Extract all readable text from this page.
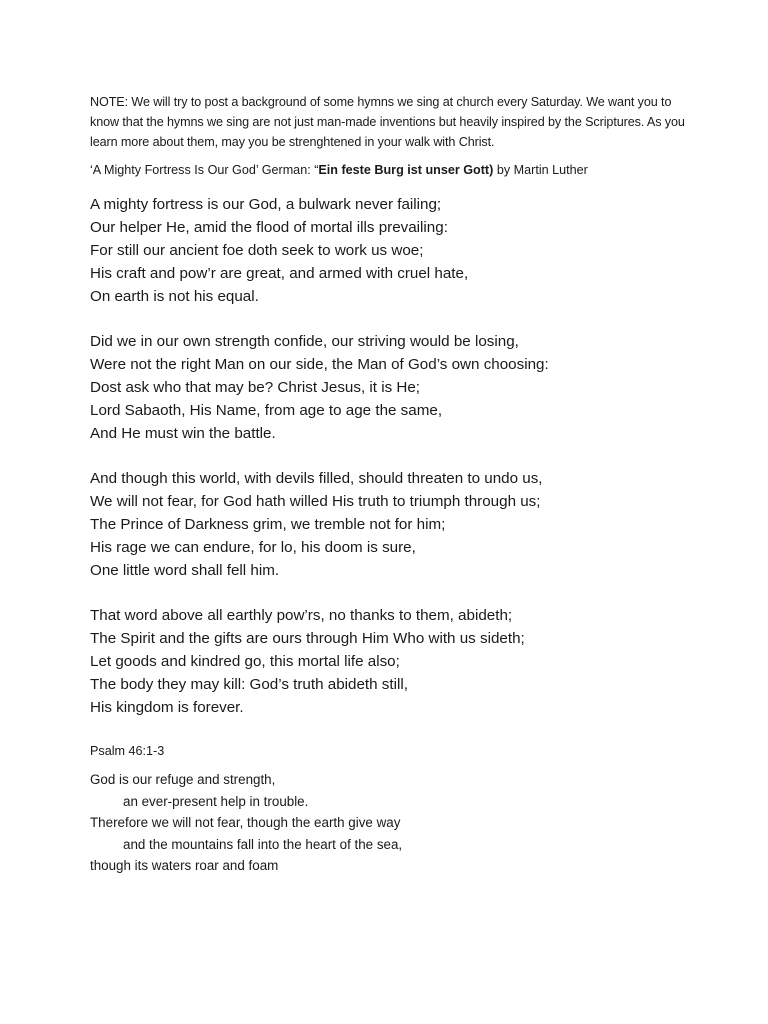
NOTE: We will try to post a background of some hymns we sing at church every Saturday. We want you to know that the hymns we sing are not just man-made inventions but heavily inspired by the Scriptures. As you learn more about them, may you be strenghtened in your walk with Christ.

‘A Mighty Fortress Is Our God’ German: “Ein feste Burg ist unser Gott) by Martin Luther

A mighty fortress is our God, a bulwark never failing;
Our helper He, amid the flood of mortal ills prevailing:
For still our ancient foe doth seek to work us woe;
His craft and pow’r are great, and armed with cruel hate,
On earth is not his equal.
Did we in our own strength confide, our striving would be losing,
Were not the right Man on our side, the Man of God’s own choosing:
Dost ask who that may be? Christ Jesus, it is He;
Lord Sabaoth, His Name, from age to age the same,
And He must win the battle.
And though this world, with devils filled, should threaten to undo us,
We will not fear, for God hath willed His truth to triumph through us;
The Prince of Darkness grim, we tremble not for him;
His rage we can endure, for lo, his doom is sure,
One little word shall fell him.
That word above all earthly pow’rs, no thanks to them, abideth;
The Spirit and the gifts are ours through Him Who with us sideth;
Let goods and kindred go, this mortal life also;
The body they may kill: God’s truth abideth still,
His kingdom is forever.

Psalm 46:1-3

God is our refuge and strength,
an ever-present help in trouble.
Therefore we will not fear, though the earth give way
and the mountains fall into the heart of the sea,
though its waters roar and foam
